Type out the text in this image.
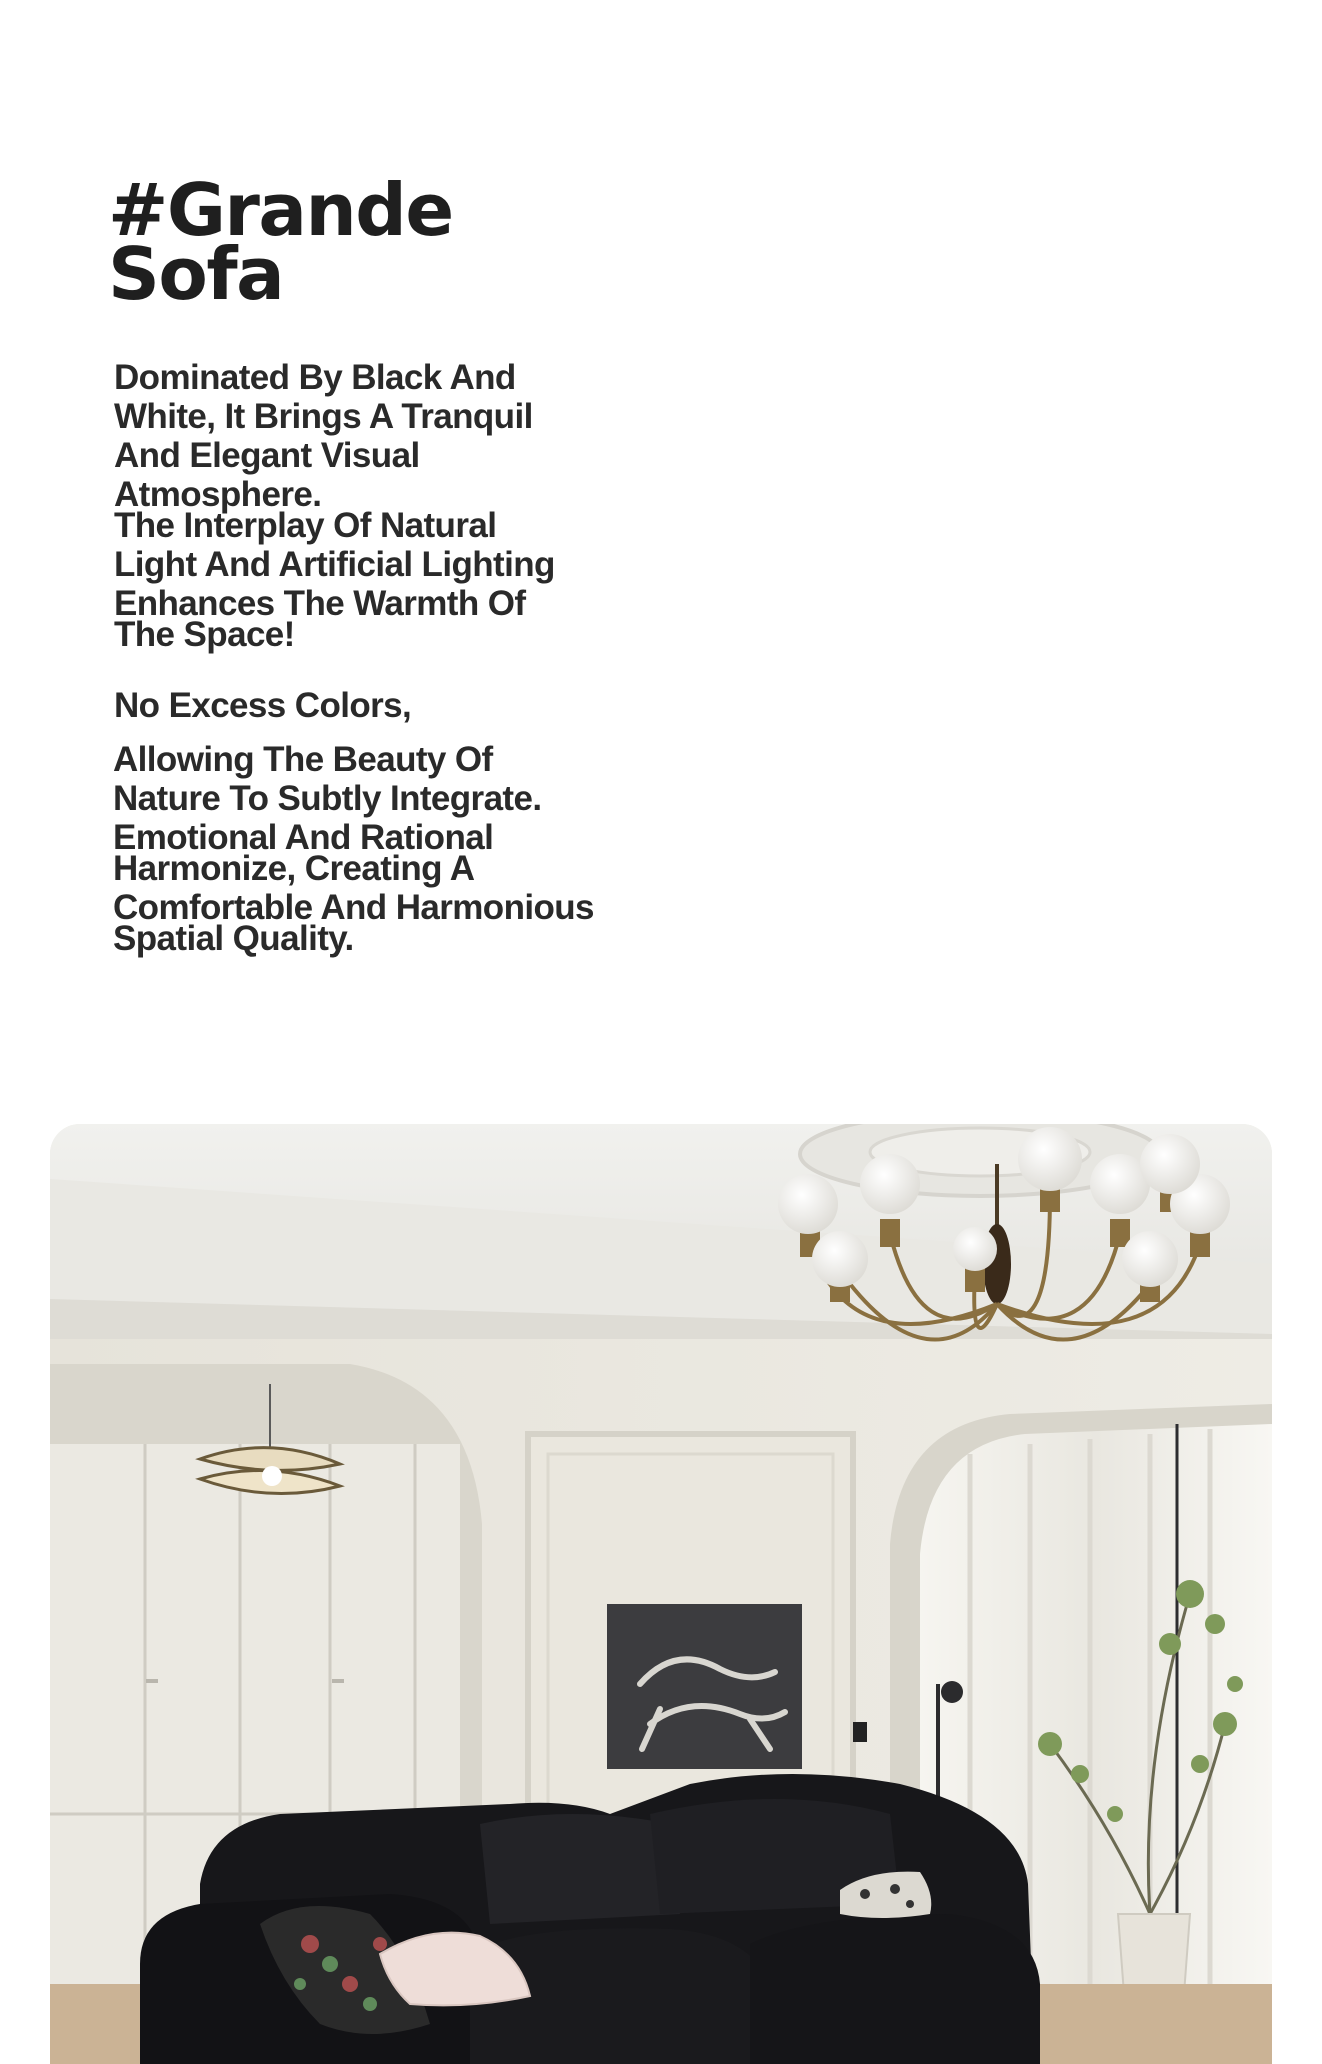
#Grande
Sofa

Dominated By Black And
White, It Brings A Tranquil
And Elegant Visual
Atmosphere.
The Interplay Of Natural
Light And Artificial Lighting
Enhances The Warmth Of
The Space!

No Excess Colors,

Allowing The Beauty Of
Nature To Subtly Integrate.
Emotional And Rational
Harmonize, Creating A
Comfortable And Harmonious
Spatial Quality.
